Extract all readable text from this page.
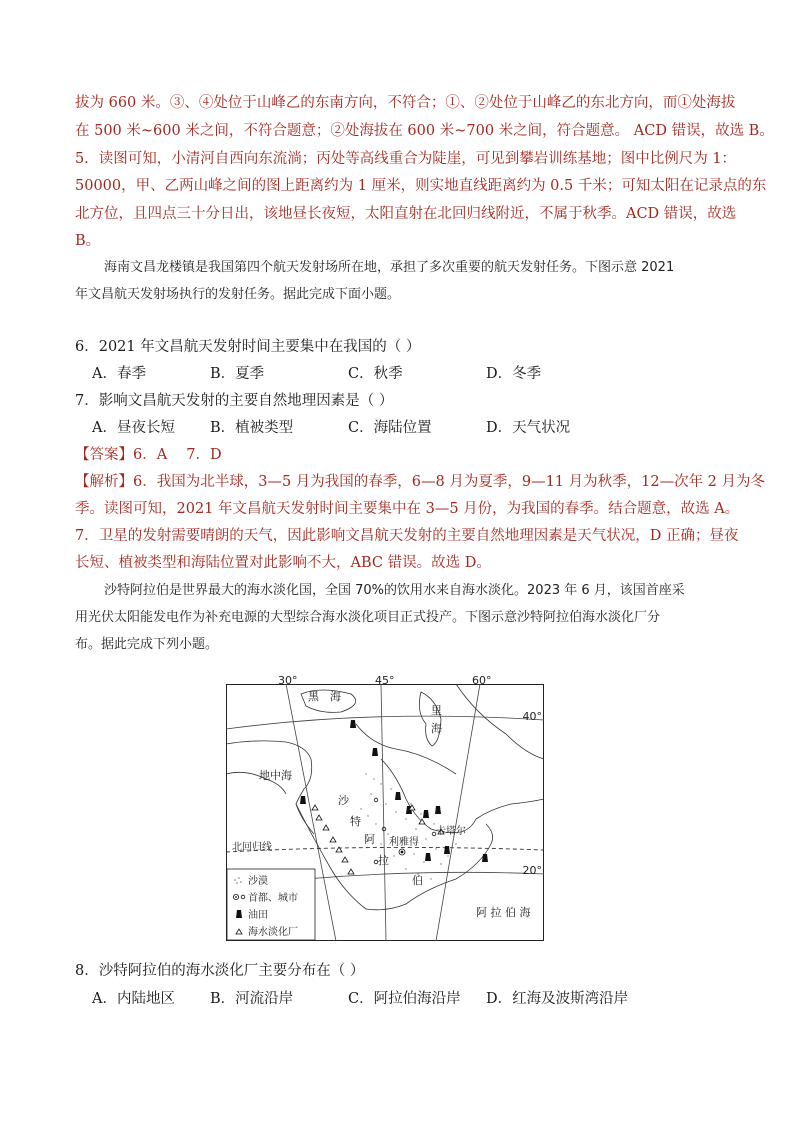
拔为 660 米。③、④处位于山峰乙的东南方向，不符合；①、②处位于山峰乙的东北方向，而①处海拔
在 500 米~600 米之间，不符合题意；②处海拔在 600 米~700 米之间，符合题意。 ACD 错误，故选 B。
5．读图可知，小清河自西向东流淌；丙处等高线重合为陡崖，可见到攀岩训练基地；图中比例尺为 1：
50000，甲、乙两山峰之间的图上距离约为 1 厘米，则实地直线距离约为 0.5 千米；可知太阳在记录点的东
北方位，且四点三十分日出，该地昼长夜短，太阳直射在北回归线附近，不属于秋季。ACD 错误，故选
B。
海南文昌龙楼镇是我国第四个航天发射场所在地，承担了多次重要的航天发射任务。下图示意 2021
年文昌航天发射场执行的发射任务。据此完成下面小题。
6．2021 年文昌航天发射时间主要集中在我国的（ ）
A．春季	B．夏季	C．秋季	D．冬季
7．影响文昌航天发射的主要自然地理因素是（ ）
A．昼夜长短 B．植被类型	C．海陆位置	D．天气状况
【答案】6．A　 7．D
【解析】6．我国为北半球，3—5 月为我国的春季，6—8 月为夏季，9—11 月为秋季，12—次年 2 月为冬
季。读图可知，2021 年文昌航天发射时间主要集中在 3—5 月份，为我国的春季。结合题意，故选 A。
7．卫星的发射需要晴朗的天气，因此影响文昌航天发射的主要自然地理因素是天气状况，D 正确；昼夜
长短、植被类型和海陆位置对此影响不大，ABC 错误。故选 D。
沙特阿拉伯是世界最大的海水淡化国，全国 70%的饮用水来自海水淡化。2023 年 6 月，该国首座采
用光伏太阳能发电作为补充电源的大型综合海水淡化项目正式投产。下图示意沙特阿拉伯海水淡化厂分
布。据此完成下列小题。
30°	45°	60°
40°
20°
黑　海
里
海
地中海
沙
特
阿
拉
伯
利雅得
卡塔尔
北回归线
阿 拉 伯 海
沙漠
首都、城市
油田
海水淡化厂
8．沙特阿拉伯的海水淡化厂主要分布在（ ）
A．内陆地区 B．河流沿岸	C．阿拉伯海沿岸 D．红海及波斯湾沿岸
